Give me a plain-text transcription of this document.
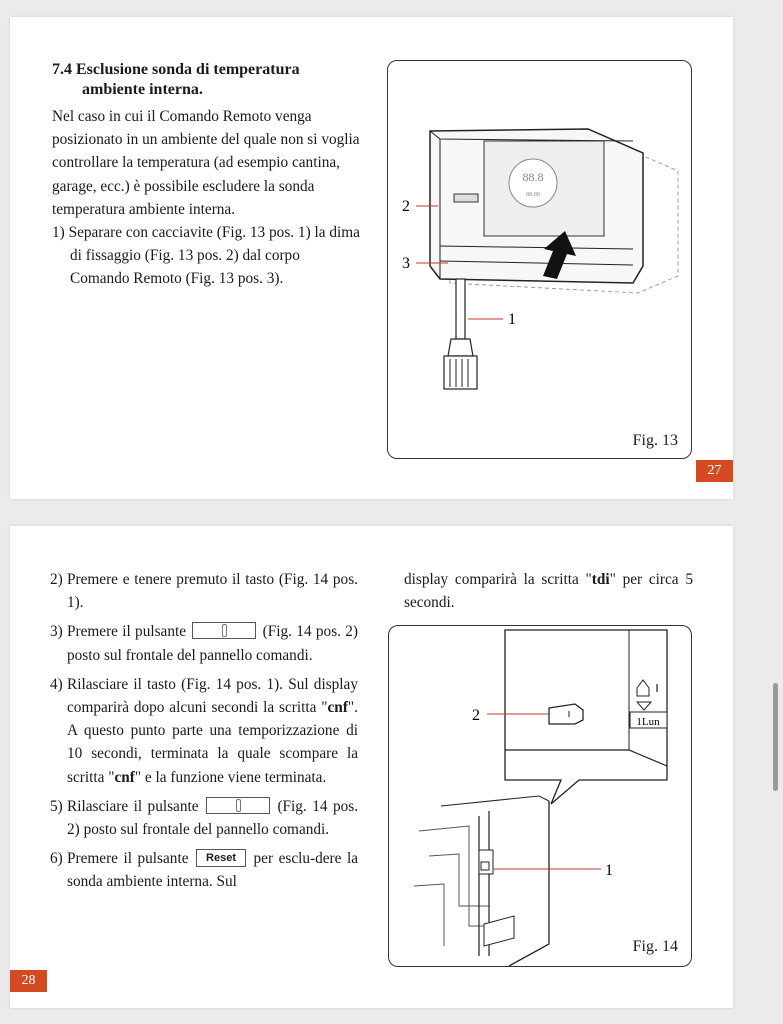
7.4 Esclusione sonda di temperatura
ambiente interna.

Nel caso in cui il Comando Remoto venga posizionato in un ambiente del quale non si voglia controllare la temperatura (ad esempio cantina, garage, ecc.) è possibile escludere la sonda temperatura ambiente interna.

1) Separare con cacciavite (Fig. 13 pos. 1) la dima di fissaggio (Fig. 13 pos. 2) dal corpo Comando Remoto (Fig. 13 pos. 3).

88.8
88:88
2
3
1
Fig. 13
27
2) Premere e tenere premuto il tasto (Fig. 14 pos. 1).
3) Premere il pulsante	(Fig. 14 pos. 2) posto sul frontale del pannello comandi.
4) Rilasciare il tasto (Fig. 14 pos. 1). Sul display comparirà dopo alcuni secondi la scritta "cnf". A questo punto parte una temporizzazione di 10 secondi, terminata la quale scompare la scritta "cnf" e la funzione viene terminata.
5) Rilasciare il pulsante	(Fig. 14 pos. 2) posto sul frontale del pannello comandi.
6) Premere il pulsante Reset per esclu-dere la sonda ambiente interna. Sul
display comparirà la scritta "tdi" per circa 5 secondi.
1Lun
2
1
Fig. 14
28
